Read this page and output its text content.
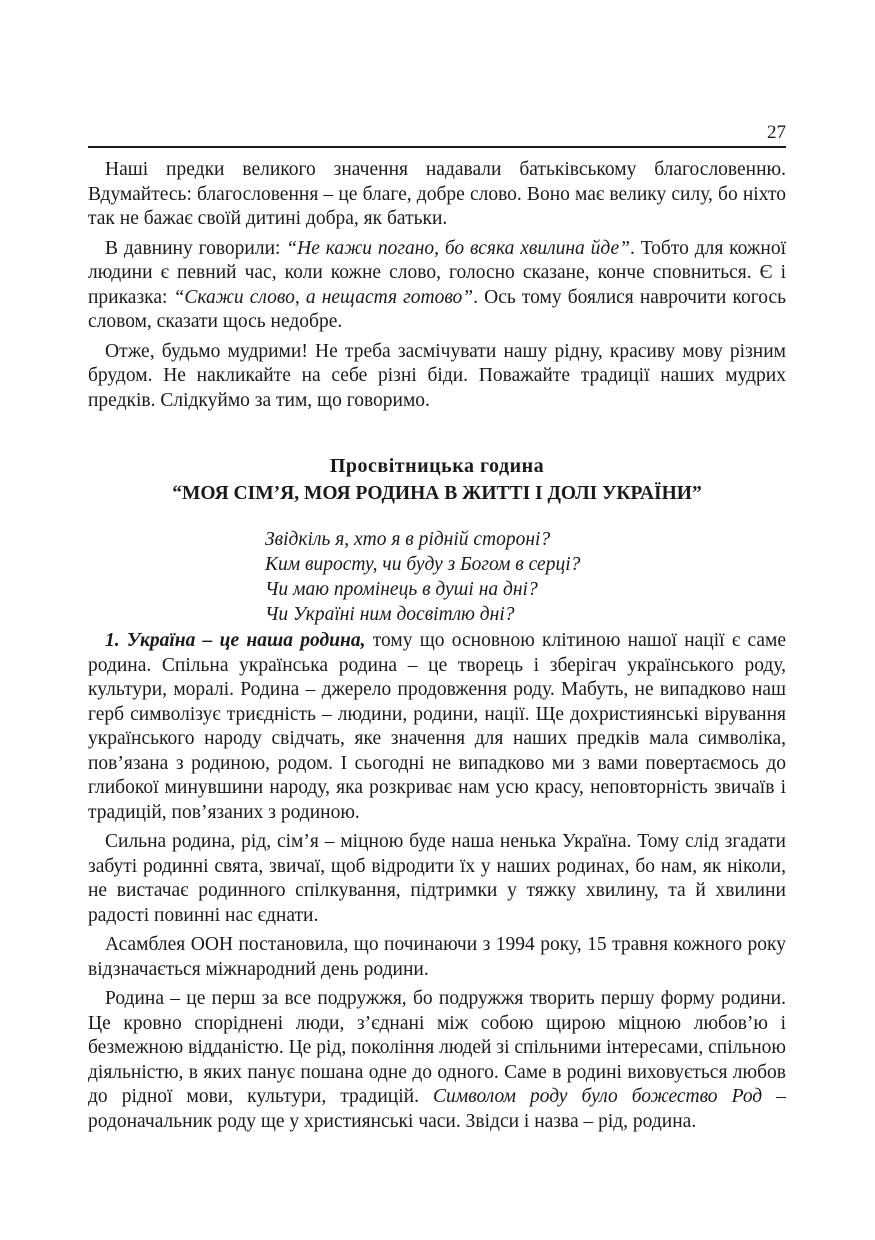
27

Наші предки великого значення надавали батьківському благословенню. Вдумайтесь: благословення – це благе, добре слово. Воно має велику силу, бо ніхто так не бажає своїй дитині добра, як батьки.

В давнину говорили: “Не кажи погано, бо всяка хвилина йде”. Тобто для кожної людини є певний час, коли кожне слово, голосно сказане, конче сповниться. Є і приказка: “Скажи слово, а нещастя готово”. Ось тому боялися наврочити когось словом, сказати щось недобре.

Отже, будьмо мудрими! Не треба засмічувати нашу рідну, красиву мову різним брудом. Не накликайте на себе різні біди. Поважайте традиції наших мудрих предків. Слідкуймо за тим, що говоримо.

Просвітницька година
“МОЯ СІМ’Я, МОЯ РОДИНА В ЖИТТІ І ДОЛІ УКРАЇНИ”
Звідкіль я, хто я в рідній стороні?
Ким виросту, чи буду з Богом в серці?
Чи маю промінець в душі на дні?
Чи Україні ним досвітлю дні?

1. Україна – це наша родина, тому що основною клітиною нашої нації є саме родина. Спільна українська родина – це творець і зберігач українського роду, культури, моралі. Родина – джерело продовження роду. Мабуть, не випадково наш герб символізує триєдність – людини, родини, нації. Ще дохристиянські вірування українського народу свідчать, яке значення для наших предків мала символіка, пов’язана з родиною, родом. І сьогодні не випадково ми з вами повертаємось до глибокої минувшини народу, яка розкриває нам усю красу, неповторність звичаїв і традицій, пов’язаних з родиною.

Сильна родина, рід, сім’я – міцною буде наша ненька Україна. Тому слід згадати забуті родинні свята, звичаї, щоб відродити їх у наших родинах, бо нам, як ніколи, не вистачає родинного спілкування, підтримки у тяжку хвилину, та й хвилини радості повинні нас єднати.

Асамблея ООН постановила, що починаючи з 1994 року, 15 травня кожного року відзначається міжнародний день родини.

Родина – це перш за все подружжя, бо подружжя творить першу форму родини. Це кровно споріднені люди, з’єднані між собою щирою міцною любов’ю і безмежною відданістю. Це рід, покоління людей зі спільними інтересами, спільною діяльністю, в яких панує пошана одне до одного. Саме в родині виховується любов до рідної мови, культури, традицій. Символом роду було божество Род – родоначальник роду ще у християнські часи. Звідси і назва – рід, родина.
